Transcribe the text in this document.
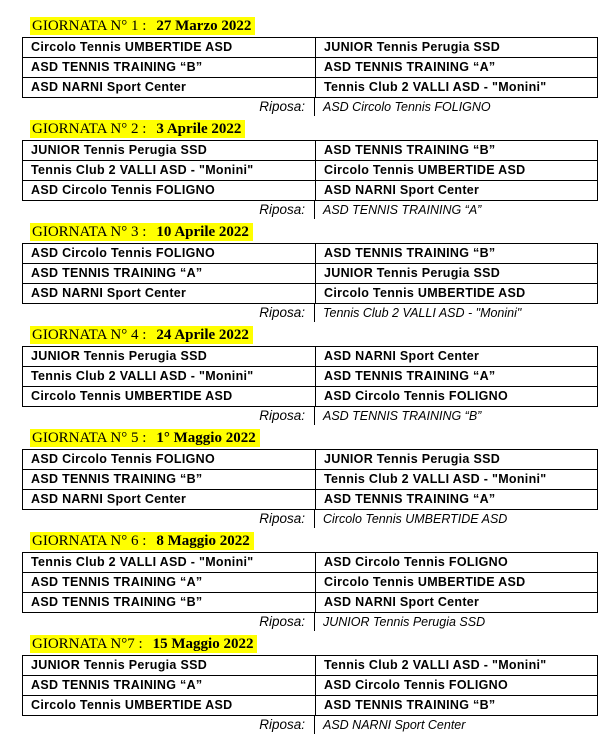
GIORNATA N° 1 : 27 Marzo 2022
Circolo Tennis UMBERTIDE ASD	JUNIOR Tennis Perugia SSD
ASD TENNIS TRAINING “B”	ASD TENNIS TRAINING “A”
ASD NARNI Sport Center	Tennis Club 2 VALLI ASD - "Monini"
Riposa: ASD Circolo Tennis FOLIGNO
GIORNATA N° 2 : 3 Aprile 2022
JUNIOR Tennis Perugia SSD	ASD TENNIS TRAINING “B”
Tennis Club 2 VALLI ASD - "Monini"	Circolo Tennis UMBERTIDE ASD
ASD Circolo Tennis FOLIGNO	ASD NARNI Sport Center
Riposa: ASD TENNIS TRAINING “A”
GIORNATA N° 3 : 10 Aprile 2022
ASD Circolo Tennis FOLIGNO	ASD TENNIS TRAINING “B”
ASD TENNIS TRAINING “A”	JUNIOR Tennis Perugia SSD
ASD NARNI Sport Center	Circolo Tennis UMBERTIDE ASD
Riposa: Tennis Club 2 VALLI ASD - "Monini"
GIORNATA N° 4 : 24 Aprile 2022
JUNIOR Tennis Perugia SSD	ASD NARNI Sport Center
Tennis Club 2 VALLI ASD - "Monini"	ASD TENNIS TRAINING “A”
Circolo Tennis UMBERTIDE ASD	ASD Circolo Tennis FOLIGNO
Riposa: ASD TENNIS TRAINING “B”
GIORNATA N° 5 : 1° Maggio 2022
ASD Circolo Tennis FOLIGNO	JUNIOR Tennis Perugia SSD
ASD TENNIS TRAINING “B”	Tennis Club 2 VALLI ASD - "Monini"
ASD NARNI Sport Center	ASD TENNIS TRAINING “A”
Riposa: Circolo Tennis UMBERTIDE ASD
GIORNATA N° 6 : 8 Maggio 2022
Tennis Club 2 VALLI ASD - "Monini"	ASD Circolo Tennis FOLIGNO
ASD TENNIS TRAINING “A”	Circolo Tennis UMBERTIDE ASD
ASD TENNIS TRAINING “B”	ASD NARNI Sport Center
Riposa: JUNIOR Tennis Perugia SSD
GIORNATA N°7 : 15 Maggio 2022
JUNIOR Tennis Perugia SSD	Tennis Club 2 VALLI ASD - "Monini"
ASD TENNIS TRAINING “A”	ASD Circolo Tennis FOLIGNO
Circolo Tennis UMBERTIDE ASD	ASD TENNIS TRAINING “B”
Riposa: ASD NARNI Sport Center
